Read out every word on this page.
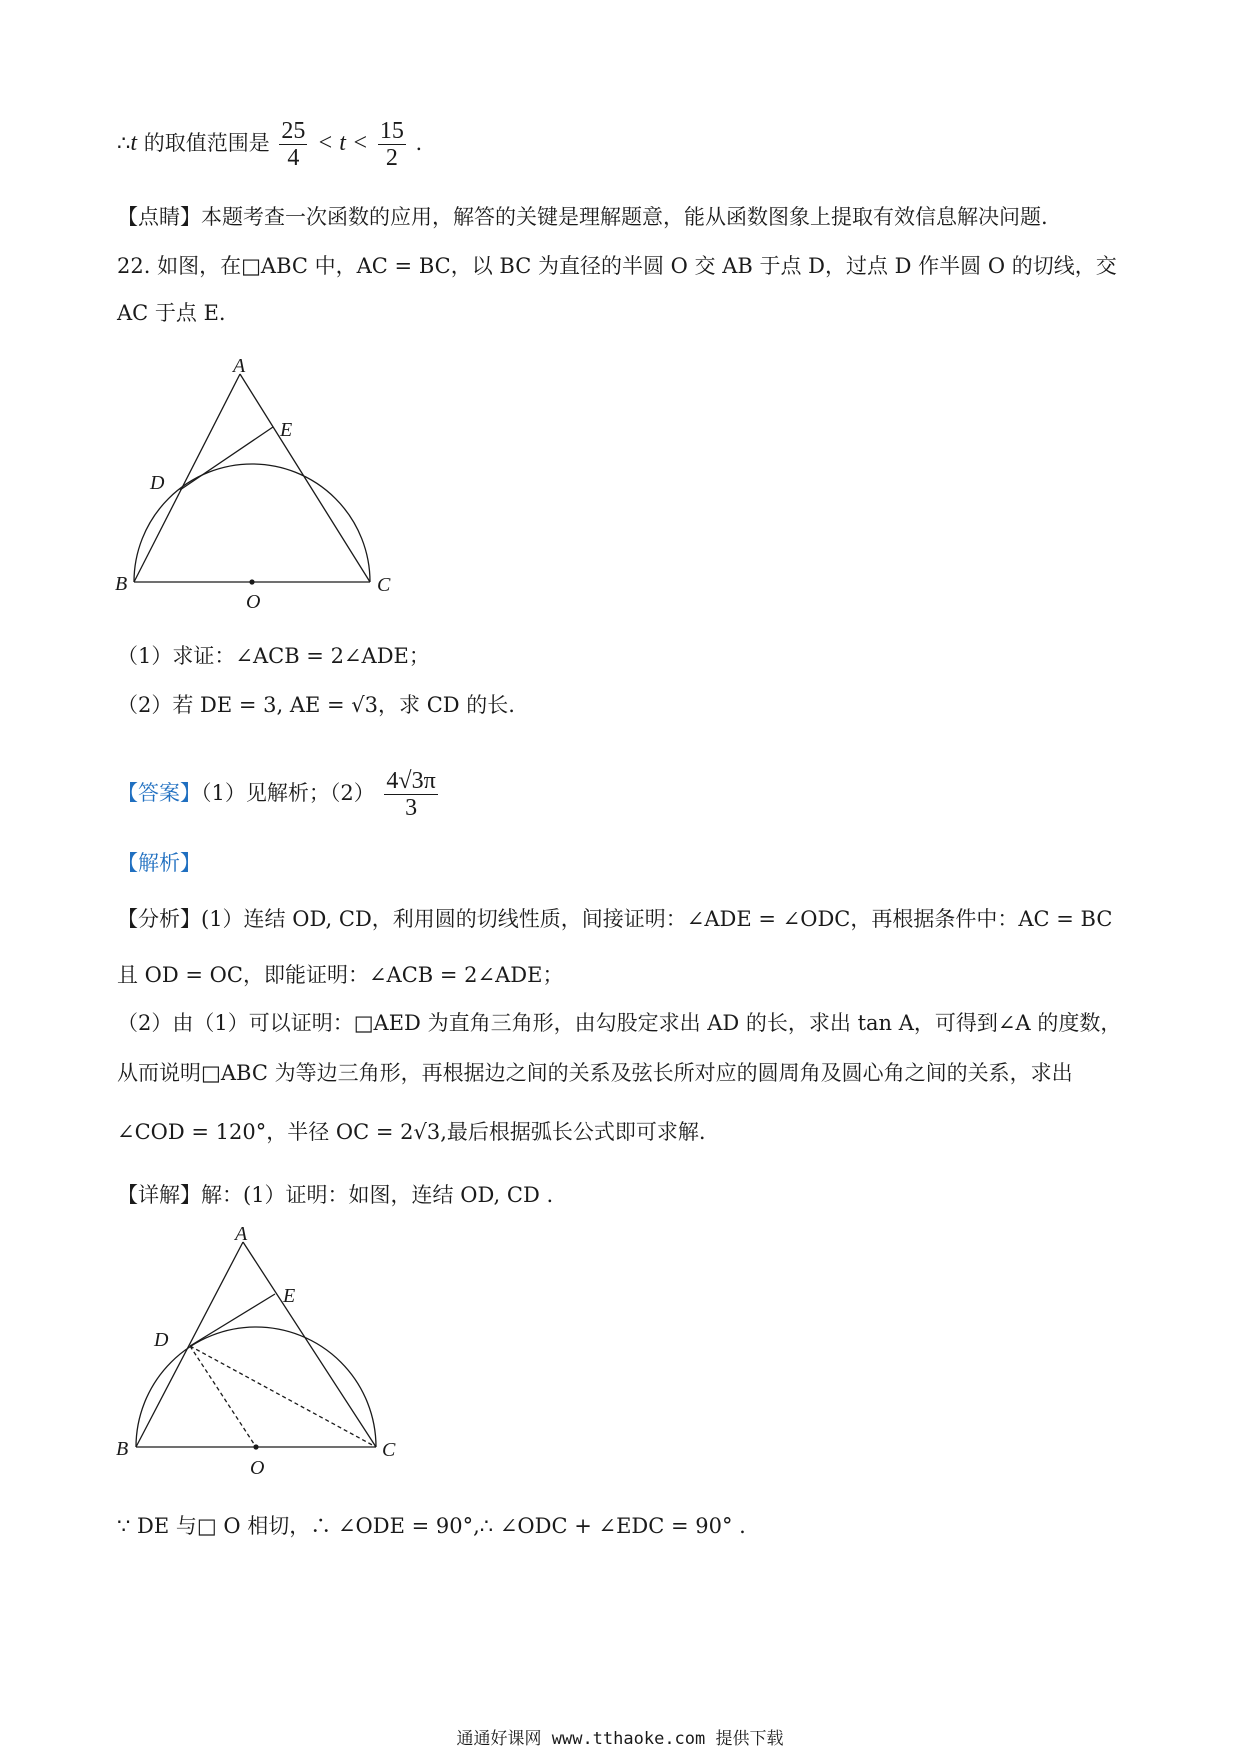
∴t 的取值范围是 $\frac{25}{4} < t < \frac{15}{2}$ .
【点睛】本题考查一次函数的应用，解答的关键是理解题意，能从函数图象上提取有效信息解决问题.
22. 如图，在□ABC 中，AC = BC，以 BC 为直径的半圆 O 交 AB 于点 D，过点 D 作半圆 O 的切线，交
AC 于点 E.
A
E
D
B
O
C
（1）求证：∠ACB = 2∠ADE；
（2）若 DE = 3, AE = √3，求 CD 的长.
【答案】（1）见解析；$(2) \frac{4√3\pi}{3}$
【解析】
【分析】(1）连结 OD, CD，利用圆的切线性质，间接证明：∠ADE = ∠ODC，再根据条件中：AC = BC
且 OD = OC，即能证明：∠ACB = 2∠ADE；
（2）由（1）可以证明：□AED 为直角三角形，由勾股定求出 AD 的长，求出 tan A，可得到∠A 的度数，
从而说明□ABC 为等边三角形，再根据边之间的关系及弦长所对应的圆周角及圆心角之间的关系，求出
∠COD = 120°，半径 OC = 2√3,最后根据弧长公式即可求解.
【详解】解：(1）证明：如图，连结 OD, CD .
A
E
D
B
O
C
∵ DE 与□ O 相切，∴ ∠ODE = 90°,∴ ∠ODC + ∠EDC = 90° .
通通好课网 www.tthaoke.com 提供下载
